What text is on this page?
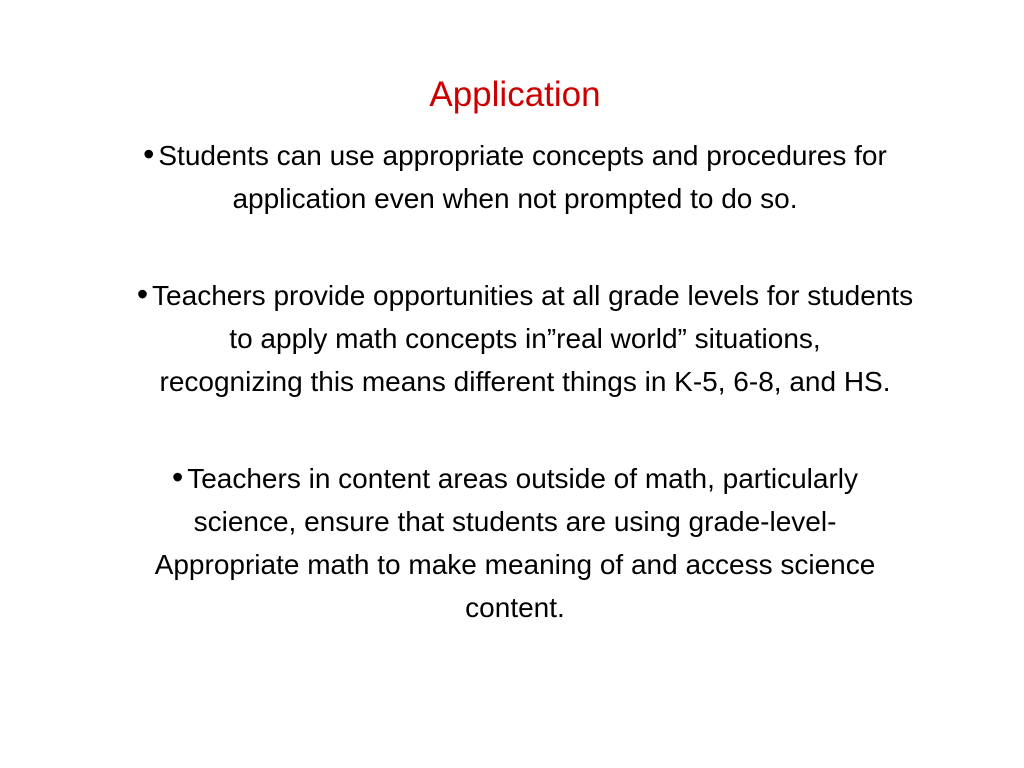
Application
• Students can use appropriate concepts and procedures for
application even when not prompted to do so.
• Teachers provide opportunities at all grade levels for students
to apply math concepts in”real world” situations,
recognizing this means different things in K-5, 6-8, and HS.
• Teachers in content areas outside of math, particularly
science, ensure that students are using grade-level-
Appropriate math to make meaning of and access science
content.
